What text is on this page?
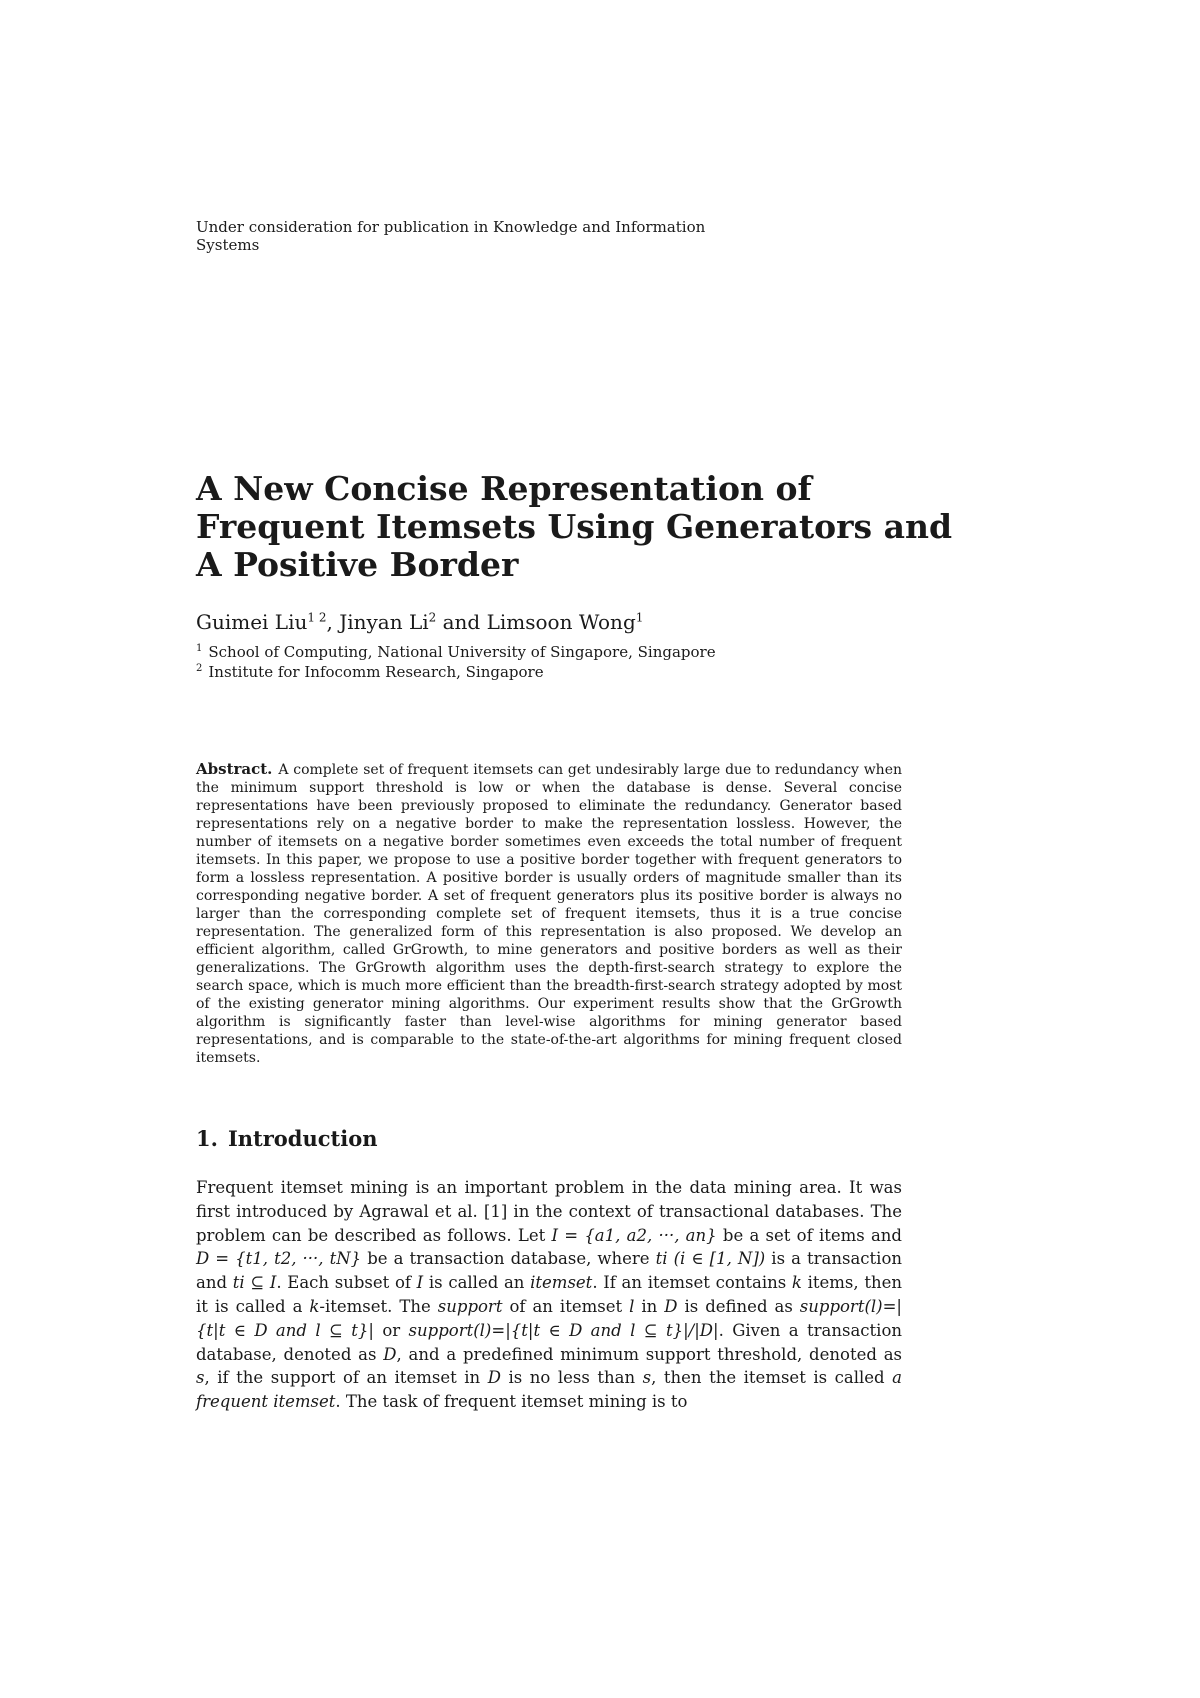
Under consideration for publication in Knowledge and Information Systems

A New Concise Representation of Frequent Itemsets Using Generators and A Positive Border

Guimei Liu$^{1 2}$, Jinyan Li$^2$ and Limsoon Wong$^1$

$^1$ School of Computing, National University of Singapore, Singapore
$^2$ Institute for Infocomm Research, Singapore

Abstract. A complete set of frequent itemsets can get undesirably large due to redundancy when the minimum support threshold is low or when the database is dense. Several concise representations have been previously proposed to eliminate the redundancy. Generator based representations rely on a negative border to make the representation lossless. However, the number of itemsets on a negative border sometimes even exceeds the total number of frequent itemsets. In this paper, we propose to use a positive border together with frequent generators to form a lossless representation. A positive border is usually orders of magnitude smaller than its corresponding negative border. A set of frequent generators plus its positive border is always no larger than the corresponding complete set of frequent itemsets, thus it is a true concise representation. The generalized form of this representation is also proposed. We develop an efficient algorithm, called GrGrowth, to mine generators and positive borders as well as their generalizations. The GrGrowth algorithm uses the depth-first-search strategy to explore the search space, which is much more efficient than the breadth-first-search strategy adopted by most of the existing generator mining algorithms. Our experiment results show that the GrGrowth algorithm is significantly faster than level-wise algorithms for mining generator based representations, and is comparable to the state-of-the-art algorithms for mining frequent closed itemsets.

1. Introduction

Frequent itemset mining is an important problem in the data mining area. It was first introduced by Agrawal et al. [1] in the context of transactional databases. The problem can be described as follows. Let I = {a1, a2, ···, an} be a set of items and D = {t1, t2, ···, tN} be a transaction database, where ti (i ∈ [1, N]) is a transaction and ti ⊆ I. Each subset of I is called an itemset. If an itemset contains k items, then it is called a k-itemset. The support of an itemset l in D is defined as support(l)=|{t|t ∈ D and l ⊆ t}| or support(l)=|{t|t ∈ D and l ⊆ t}|/|D|. Given a transaction database, denoted as D, and a predefined minimum support threshold, denoted as s, if the support of an itemset in D is no less than s, then the itemset is called a frequent itemset. The task of frequent itemset mining is to
